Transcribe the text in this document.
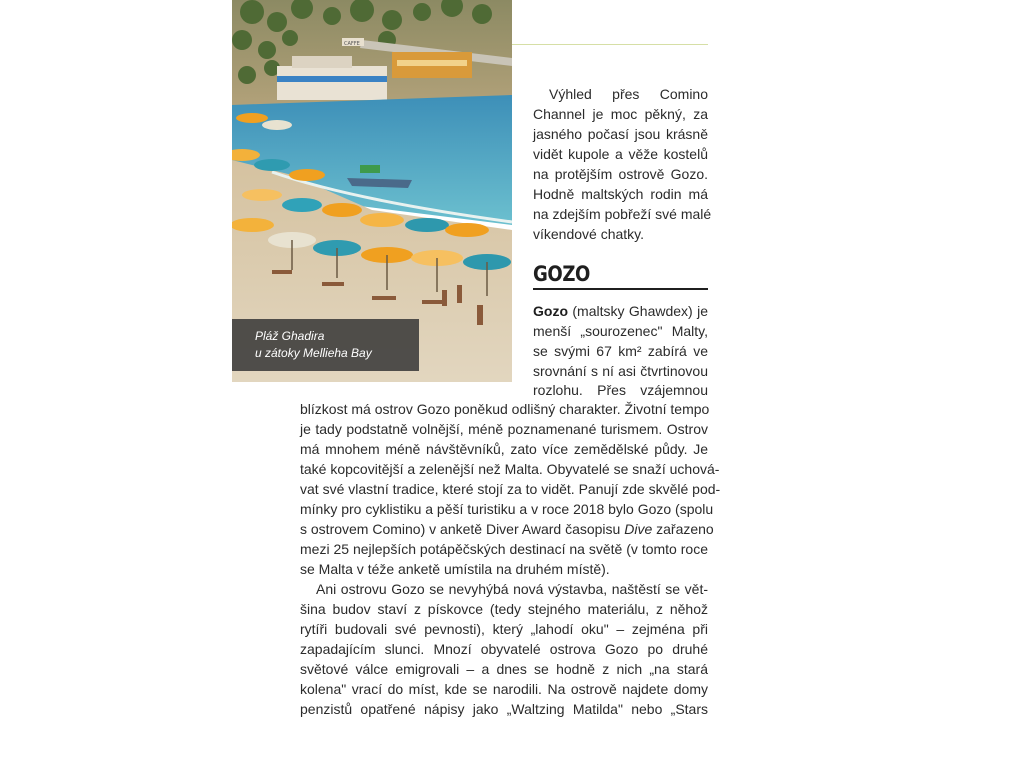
CAFFE
Pláž Ghadira
u zátoky Mellieha Bay
Výhled přes Comino
Channel je moc pěkný, za
jasného počasí jsou krásně
vidět kupole a věže kostelů
na protějším ostrově Gozo.
Hodně maltských rodin má
na zdejším pobřeží své malé
víkendové chatky.
GOZO
Gozo (maltsky Ghawdex) je
menší „sourozenec" Malty,
se svými 67 km² zabírá ve
srovnání s ní asi čtvrtinovou
rozlohu. Přes vzájemnou
blízkost má ostrov Gozo poněkud odlišný charakter. Životní tempo
je tady podstatně volnější, méně poznamenané turismem. Ostrov
má mnohem méně návštěvníků, zato více zemědělské půdy. Je
také kopcovitější a zelenější než Malta. Obyvatelé se snaží uchová-
vat své vlastní tradice, které stojí za to vidět. Panují zde skvělé pod-
mínky pro cyklistiku a pěší turistiku a v roce 2018 bylo Gozo (spolu
s ostrovem Comino) v anketě Diver Award časopisu Dive zařazeno
mezi 25 nejlepších potápěčských destinací na světě (v tomto roce
se Malta v téže anketě umístila na druhém místě).
Ani ostrovu Gozo se nevyhýbá nová výstavba, naštěstí se vět-
šina budov staví z pískovce (tedy stejného materiálu, z něhož
rytíři budovali své pevnosti), který „lahodí oku" – zejména při
zapadajícím slunci. Mnozí obyvatelé ostrova Gozo po druhé
světové válce emigrovali – a dnes se hodně z nich „na stará
kolena" vrací do míst, kde se narodili. Na ostrově najdete domy
penzistů opatřené nápisy jako „Waltzing Matilda" nebo „Stars
